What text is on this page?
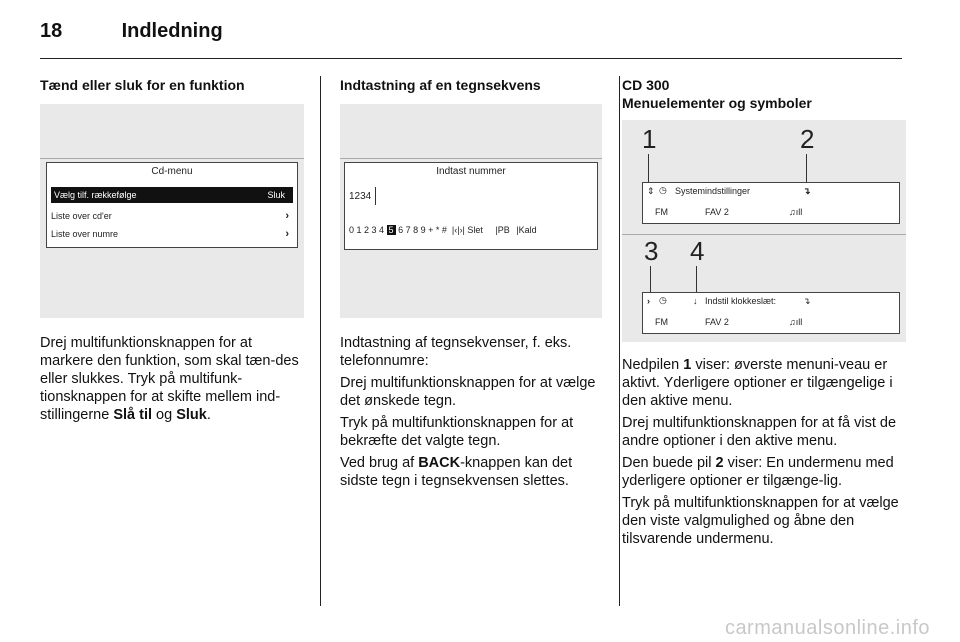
18	Indledning

Tænd eller sluk for en funktion

Cd-menu
Vælg tilf. rækkefølge	Sluk
Liste over cd'er	›
Liste over numre	›

Drej multifunktionsknappen for at markere den funktion, som skal tæn-des eller slukkes. Tryk på multifunk-tionsknappen for at skifte mellem ind-stillingerne Slå til og Sluk.

Indtastning af en tegnsekvens

Indtast nummer
1234
0 1 2 3 4 5 6 7 8 9 + * #  |‹|›| Slet |PB |Kald

Indtastning af tegnsekvenser, f. eks. telefonnumre:

Drej multifunktionsknappen for at vælge det ønskede tegn.

Tryk på multifunktionsknappen for at bekræfte det valgte tegn.

Ved brug af BACK-knappen kan det sidste tegn i tegnsekvensen slettes.

CD 300

Menuelementer og symboler

1	2
⇕ ◷ Systemindstillinger	↴
FM	FAV 2	♫ıll
3 4
› ◷	↓ Indstil klokkeslæt:	↴
FM	FAV 2	♫ıll

Nedpilen 1 viser: øverste menuni-veau er aktivt. Yderligere optioner er tilgængelige i den aktive menu.

Drej multifunktionsknappen for at få vist de andre optioner i den aktive menu.

Den buede pil 2 viser: En undermenu med yderligere optioner er tilgænge-lig.

Tryk på multifunktionsknappen for at vælge den viste valgmulighed og åbne den tilsvarende undermenu.

carmanualsonline.info
